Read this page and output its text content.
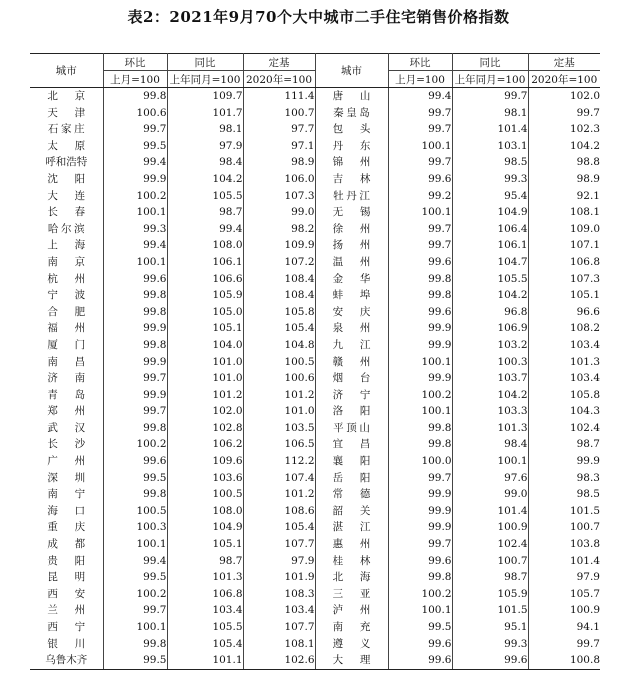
表2：2021年9月70个大中城市二手住宅销售价格指数
城市	环比	同比	定基	城市	环比	同比	定基
	上月=100	上年同月=100	2020年=100		上月=100	上年同月=100	2020年=100
北京	99.8	109.7	111.4	唐山	99.4	99.7	102.0
天津	100.6	101.7	100.7	秦皇岛	99.7	98.1	99.7
石家庄	99.7	98.1	97.7	包头	99.7	101.4	102.3
太原	99.5	97.9	97.1	丹东	100.1	103.1	104.2
呼和浩特	99.4	98.4	98.9	锦州	99.7	98.5	98.8
沈阳	99.9	104.2	106.0	吉林	99.6	99.3	98.9
大连	100.2	105.5	107.3	牡丹江	99.2	95.4	92.1
长春	100.1	98.7	99.0	无锡	100.1	104.9	108.1
哈尔滨	99.3	99.4	98.2	徐州	99.7	106.4	109.0
上海	99.4	108.0	109.9	扬州	99.7	106.1	107.1
南京	100.1	106.1	107.2	温州	99.6	104.7	106.8
杭州	99.6	106.6	108.4	金华	99.8	105.5	107.3
宁波	99.8	105.9	108.4	蚌埠	99.8	104.2	105.1
合肥	99.8	105.0	105.8	安庆	99.6	96.8	96.6
福州	99.9	105.1	105.4	泉州	99.9	106.9	108.2
厦门	99.8	104.0	104.8	九江	99.9	103.2	103.4
南昌	99.9	101.0	100.5	赣州	100.1	100.3	101.3
济南	99.7	101.0	100.6	烟台	99.9	103.7	103.4
青岛	99.9	101.2	101.2	济宁	100.2	104.2	105.8
郑州	99.7	102.0	101.0	洛阳	100.1	103.3	104.3
武汉	99.8	102.8	103.5	平顶山	99.8	101.3	102.4
长沙	100.2	106.2	106.5	宜昌	99.8	98.4	98.7
广州	99.6	109.6	112.2	襄阳	100.0	100.1	99.9
深圳	99.5	103.6	107.4	岳阳	99.7	97.6	98.3
南宁	99.8	100.5	101.2	常德	99.9	99.0	98.5
海口	100.5	108.0	108.6	韶关	99.9	101.4	101.5
重庆	100.3	104.9	105.4	湛江	99.9	100.9	100.7
成都	100.1	105.1	107.7	惠州	99.7	102.4	103.8
贵阳	99.4	98.7	97.9	桂林	99.6	100.7	101.4
昆明	99.5	101.3	101.9	北海	99.8	98.7	97.9
西安	100.2	106.8	108.3	三亚	100.2	105.9	105.7
兰州	99.7	103.4	103.4	泸州	100.1	101.5	100.9
西宁	100.1	105.5	107.7	南充	99.5	95.1	94.1
银川	99.8	105.4	108.1	遵义	99.6	99.3	99.7
乌鲁木齐	99.5	101.1	102.6	大理	99.6	99.6	100.8
